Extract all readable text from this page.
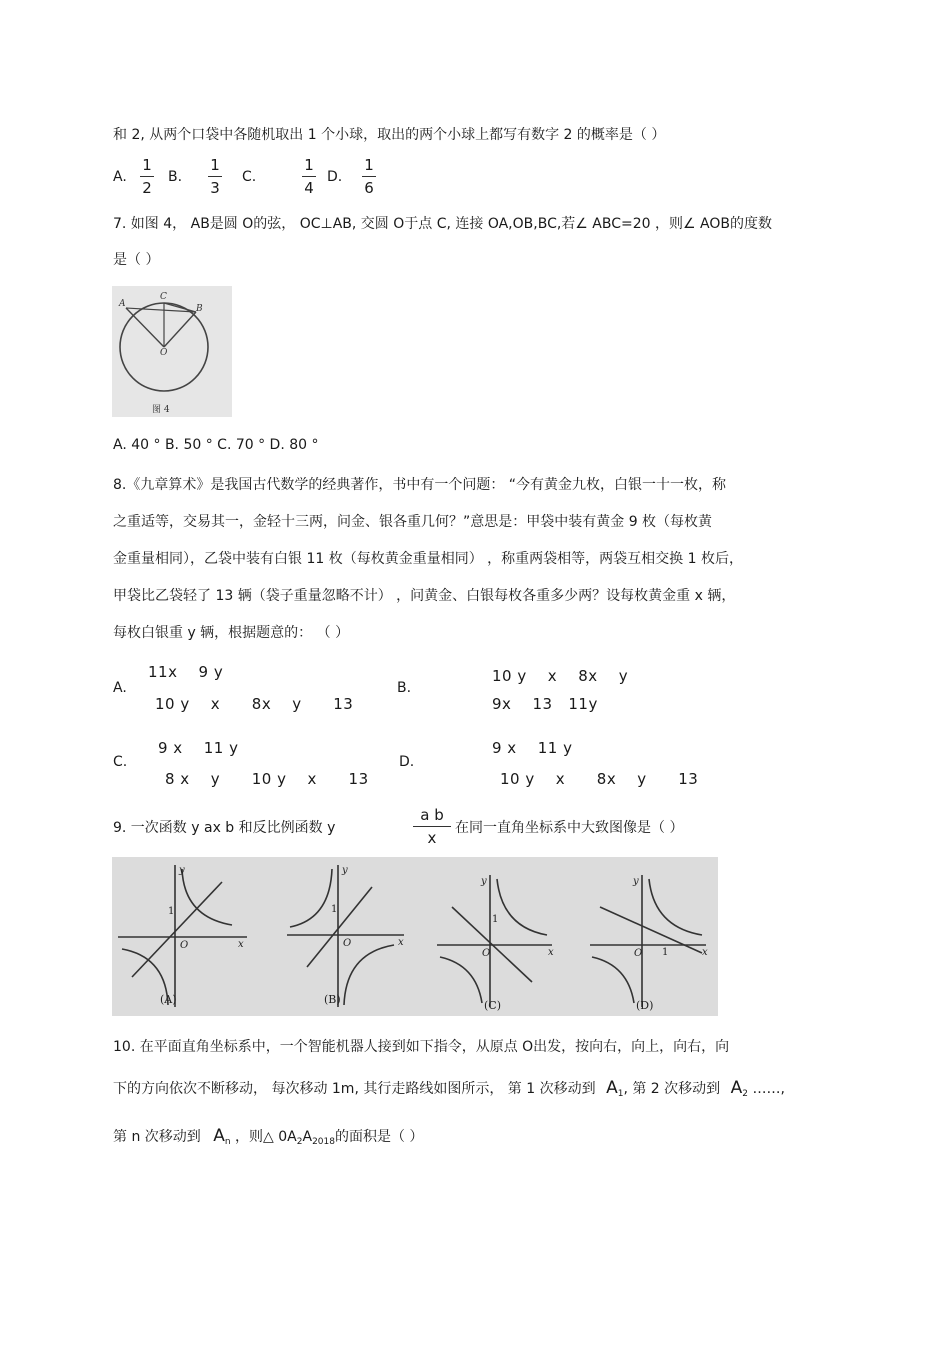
和 2, 从两个口袋中各随机取出 1 个小球，取出的两个小球上都写有数字 2 的概率是（ ）
A.
1
2
B.
1
3
C.
1
4
D.
1
6
7. 如图 4， AB是圆 O的弦， OC⊥AB, 交圆 O于点 C, 连接 OA,OB,BC,若∠ ABC=20 ，则∠ AOB的度数
是（ ）
A
C
B
O
图 4
A. 40 ° B. 50 ° C. 70 ° D. 80 °
8.《九章算术》是我国古代数学的经典著作，书中有一个问题： “今有黄金九枚，白银一十一枚，称
之重适等，交易其一，金轻十三两，问金、银各重几何？”意思是：甲袋中装有黄金 9 枚（每枚黄
金重量相同），乙袋中装有白银 11 枚（每枚黄金重量相同） ，称重两袋相等，两袋互相交换 1 枚后，
甲袋比乙袋轻了 13 辆（袋子重量忽略不计） ，问黄金、白银每枚各重多少两？设每枚黄金重 x 辆，
每枚白银重 y 辆，根据题意的： （ ）
A.
11x    9 y
10 y    x      8x    y      13
B.
10 y    x    8x    y
9x    13   11y
C.
9 x    11 y
8 x    y      10 y    x      13
D.
9 x    11 y
10 y    x      8x    y      13
9. 一次函数 y ax b 和反比例函数 y
a b
x
在同一直角坐标系中大致图像是（ ）
y
x
O
1
(A)
y
x
O
1
(B)
y
x
O
1
(C)
y
x
O 1
(D)
10. 在平面直角坐标系中，一个智能机器人接到如下指令，从原点 O出发，按向右，向上，向右，向
下的方向依次不断移动， 每次移动 1m, 其行走路线如图所示， 第 1 次移动到 $A_1$, 第 2 次移动到 $A_2$ ……,
第 n 次移动到 $A_n$ ，则△ $0A_2A_{2018}$的面积是（ ）
